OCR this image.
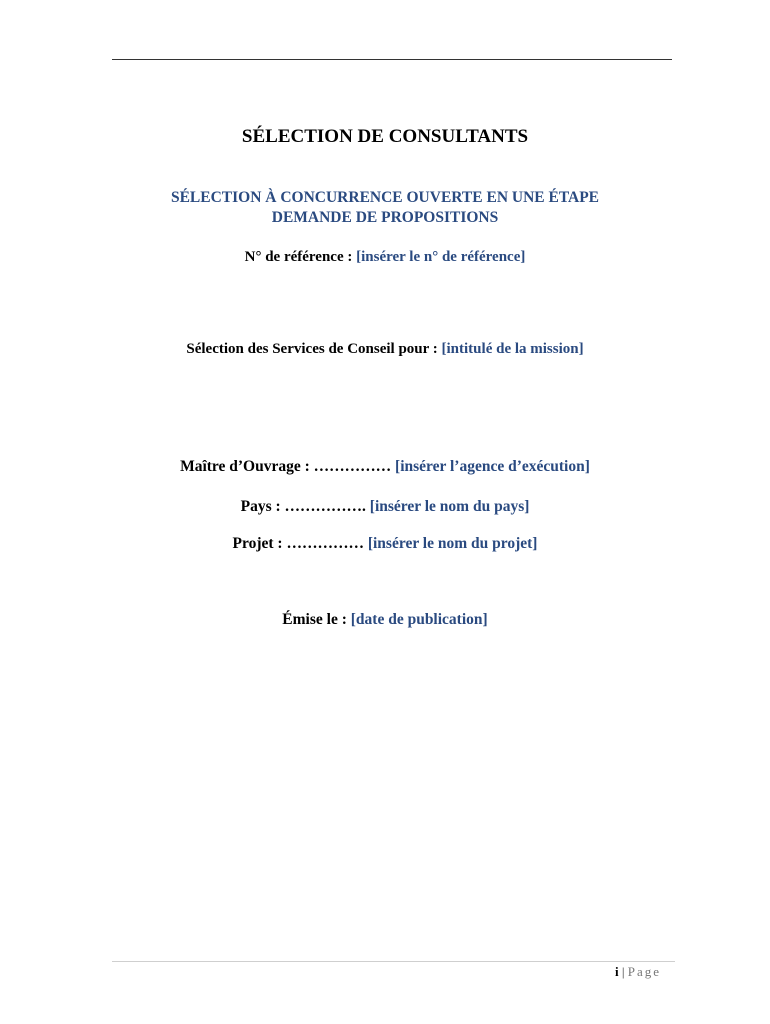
SÉLECTION DE CONSULTANTS
SÉLECTION À CONCURRENCE OUVERTE EN UNE ÉTAPE
DEMANDE DE PROPOSITIONS
N° de référence : [insérer le n° de référence]
Sélection des Services de Conseil pour : [intitulé de la mission]
Maître d’Ouvrage : …………… [insérer l’agence d’exécution]
Pays : ……………. [insérer le nom du pays]
Projet : …………… [insérer le nom du projet]
Émise le : [date de publication]
i | Page
